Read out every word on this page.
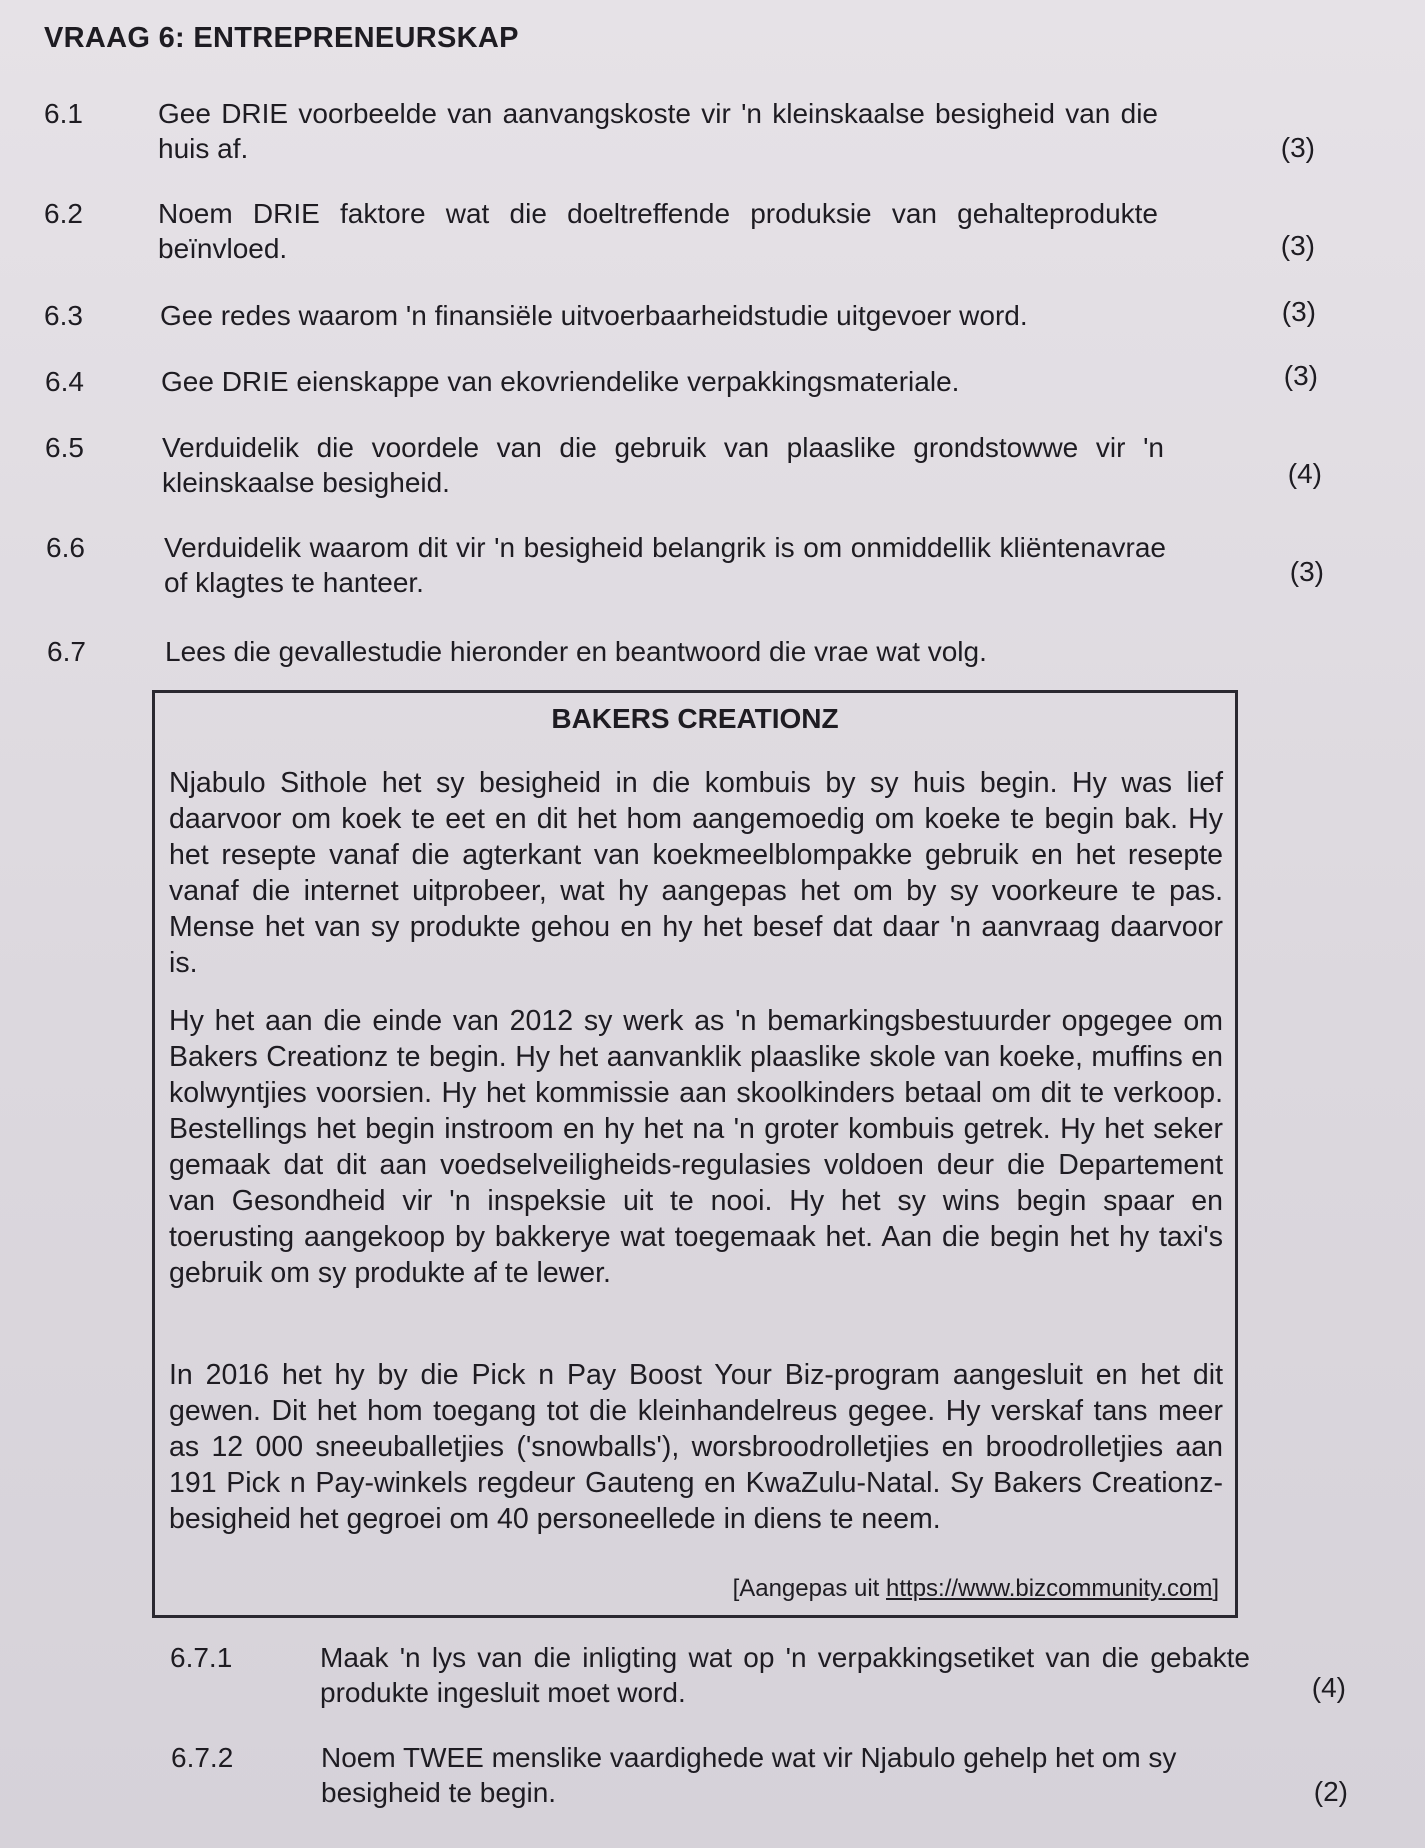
VRAAG 6: ENTREPRENEURSKAP
6.1	Gee DRIE voorbeelde van aanvangskoste vir 'n kleinskaalse besigheid van die huis af.	(3)
6.2	Noem DRIE faktore wat die doeltreffende produksie van gehalteprodukte beïnvloed.	(3)
6.3	Gee redes waarom 'n finansiële uitvoerbaarheidstudie uitgevoer word.	(3)
6.4	Gee DRIE eienskappe van ekovriendelike verpakkingsmateriale.	(3)
6.5	Verduidelik die voordele van die gebruik van plaaslike grondstowwe vir 'n kleinskaalse besigheid.	(4)
6.6	Verduidelik waarom dit vir 'n besigheid belangrik is om onmiddellik kliëntenavrae of klagtes te hanteer.	(3)
6.7	Lees die gevallestudie hieronder en beantwoord die vrae wat volg.
BAKERS CREATIONZ
Njabulo Sithole het sy besigheid in die kombuis by sy huis begin. Hy was lief daarvoor om koek te eet en dit het hom aangemoedig om koeke te begin bak. Hy het resepte vanaf die agterkant van koekmeelblompakke gebruik en het resepte vanaf die internet uitprobeer, wat hy aangepas het om by sy voorkeure te pas. Mense het van sy produkte gehou en hy het besef dat daar 'n aanvraag daarvoor is.
Hy het aan die einde van 2012 sy werk as 'n bemarkingsbestuurder opgegee om Bakers Creationz te begin. Hy het aanvanklik plaaslike skole van koeke, muffins en kolwyntjies voorsien. Hy het kommissie aan skoolkinders betaal om dit te verkoop. Bestellings het begin instroom en hy het na 'n groter kombuis getrek. Hy het seker gemaak dat dit aan voedselveiligheids-regulasies voldoen deur die Departement van Gesondheid vir 'n inspeksie uit te nooi. Hy het sy wins begin spaar en toerusting aangekoop by bakkerye wat toegemaak het. Aan die begin het hy taxi's gebruik om sy produkte af te lewer.
In 2016 het hy by die Pick n Pay Boost Your Biz-program aangesluit en het dit gewen. Dit het hom toegang tot die kleinhandelreus gegee. Hy verskaf tans meer as 12 000 sneeuballetjies ('snowballs'), worsbroodrolletjies en broodrolletjies aan 191 Pick n Pay-winkels regdeur Gauteng en KwaZulu-Natal. Sy Bakers Creationz-besigheid het gegroei om 40 personeellede in diens te neem.
[Aangepas uit https://www.bizcommunity.com]
6.7.1	Maak 'n lys van die inligting wat op 'n verpakkingsetiket van die gebakte produkte ingesluit moet word.	(4)
6.7.2	Noem TWEE menslike vaardighede wat vir Njabulo gehelp het om sy besigheid te begin.	(2)
